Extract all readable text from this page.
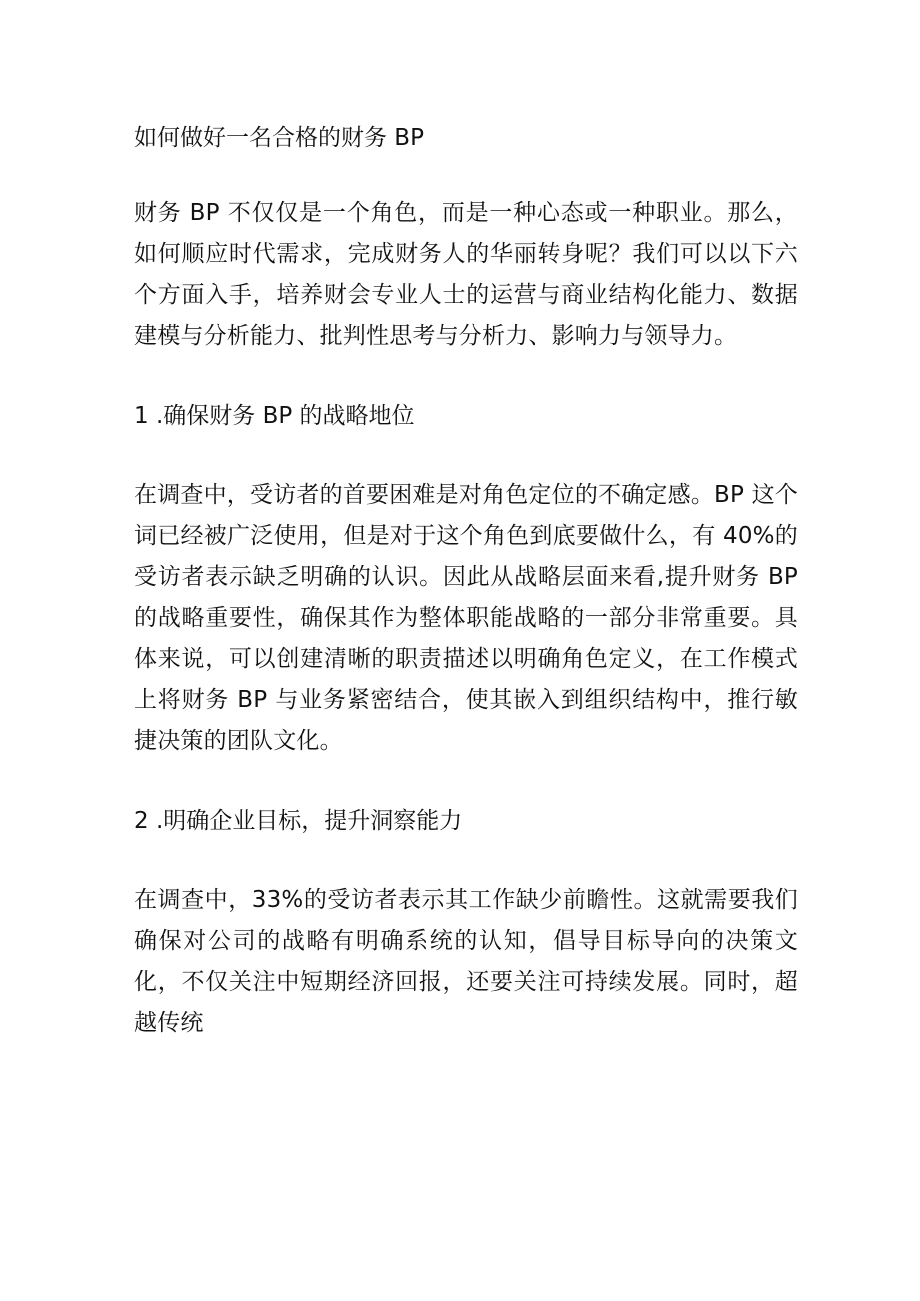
如何做好一名合格的财务 BP

财务 BP 不仅仅是一个角色，而是一种心态或一种职业。那么，如何顺应时代需求，完成财务人的华丽转身呢？我们可以以下六个方面入手，培养财会专业人士的运营与商业结构化能力、数据建模与分析能力、批判性思考与分析力、影响力与领导力。

1 .确保财务 BP 的战略地位

在调查中，受访者的首要困难是对角色定位的不确定感。BP 这个词已经被广泛使用，但是对于这个角色到底要做什么，有 40%的受访者表示缺乏明确的认识。因此从战略层面来看,提升财务 BP 的战略重要性，确保其作为整体职能战略的一部分非常重要。具体来说，可以创建清晰的职责描述以明确角色定义，在工作模式上将财务 BP 与业务紧密结合，使其嵌入到组织结构中，推行敏捷决策的团队文化。

2 .明确企业目标，提升洞察能力

在调查中，33%的受访者表示其工作缺少前瞻性。这就需要我们确保对公司的战略有明确系统的认知，倡导目标导向的决策文化，不仅关注中短期经济回报，还要关注可持续发展。同时，超越传统
